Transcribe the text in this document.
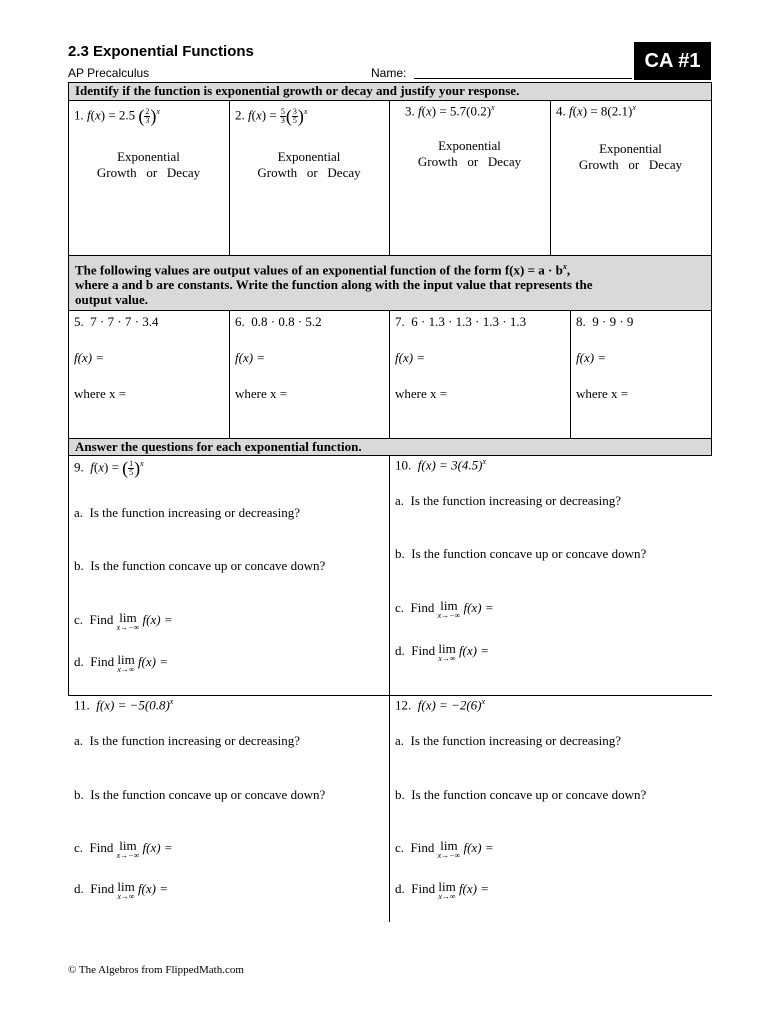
2.3 Exponential Functions
AP Precalculus	Name:
CA #1
Identify if the function is exponential growth or decay and justify your response.
1. f(x) = 2.5 ( $\frac{2}{3} )^x$
Exponential
Growth   or   Decay
2. $f(x) = \frac{5}{3}$ ( $\frac{3}{5} )^x$
Exponential
Growth   or   Decay
3. $f(x) = 5.7(0.2)^x$
Exponential
Growth   or   Decay
4. $f(x) = 8(2.1)^x$
Exponential
Growth   or   Decay
The following values are output values of an exponential function of the form $f(x) = a \cdot b^x$,
where a and b are constants. Write the function along with the input value that represents the
output value.
5. 7 · 7 · 7 · 3.4
f(x) =
where x =
6. 0.8 · 0.8 · 5.2
f(x) =
where x =
7. 6 · 1.3 · 1.3 · 1.3 · 1.3
f(x) =
where x =
8. 9 · 9 · 9
f(x) =
where x =
Answer the questions for each exponential function.
9. f(x) = ( $\frac{1}{5} )^x$
a. Is the function increasing or decreasing?
b. Is the function concave up or concave down?
c. Find lim
x→−∞
f(x) =
d. Find lim
x→∞
f(x) =
10. $f(x) = 3(4.5)^x$
a. Is the function increasing or decreasing?
b. Is the function concave up or concave down?
c. Find lim
x→−∞
f(x) =
d. Find lim
x→∞
f(x) =
11. $f(x) = -5(0.8)^x$
a. Is the function increasing or decreasing?
b. Is the function concave up or concave down?
c. Find lim
x→−∞
f(x) =
d. Find lim
x→∞
f(x) =
12. $f(x) = -2(6)^x$
a. Is the function increasing or decreasing?
b. Is the function concave up or concave down?
c. Find lim
x→−∞
f(x) =
d. Find lim
x→∞
f(x) =
© The Algebros from FlippedMath.com
